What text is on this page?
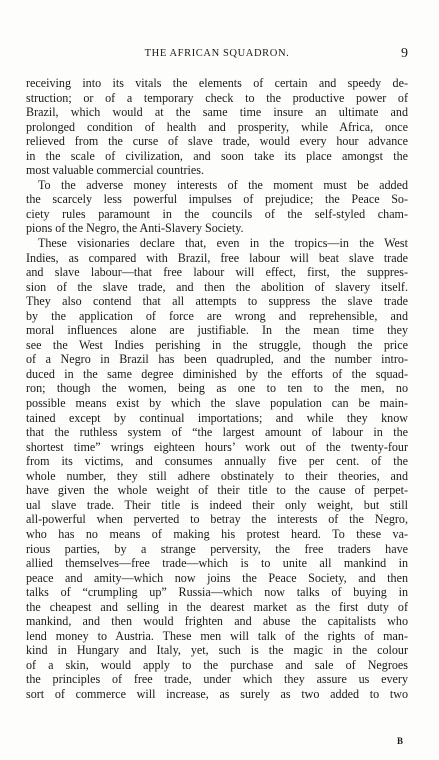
THE AFRICAN SQUADRON.	9
receiving into its vitals the elements of certain and speedy de-
struction; or of a temporary check to the productive power of
Brazil, which would at the same time insure an ultimate and
prolonged condition of health and prosperity, while Africa, once
relieved from the curse of slave trade, would every hour advance
in the scale of civilization, and soon take its place amongst the
most valuable commercial countries.
To the adverse money interests of the moment must be added
the scarcely less powerful impulses of prejudice; the Peace So-
ciety rules paramount in the councils of the self-styled cham-
pions of the Negro, the Anti-Slavery Society.
These visionaries declare that, even in the tropics—in the West
Indies, as compared with Brazil, free labour will beat slave trade
and slave labour—that free labour will effect, first, the suppres-
sion of the slave trade, and then the abolition of slavery itself.
They also contend that all attempts to suppress the slave trade
by the application of force are wrong and reprehensible, and
moral influences alone are justifiable. In the mean time they
see the West Indies perishing in the struggle, though the price
of a Negro in Brazil has been quadrupled, and the number intro-
duced in the same degree diminished by the efforts of the squad-
ron; though the women, being as one to ten to the men, no
possible means exist by which the slave population can be main-
tained except by continual importations; and while they know
that the ruthless system of “the largest amount of labour in the
shortest time” wrings eighteen hours’ work out of the twenty-four
from its victims, and consumes annually five per cent. of the
whole number, they still adhere obstinately to their theories, and
have given the whole weight of their title to the cause of perpet-
ual slave trade. Their title is indeed their only weight, but still
all-powerful when perverted to betray the interests of the Negro,
who has no means of making his protest heard. To these va-
rious parties, by a strange perversity, the free traders have
allied themselves—free trade—which is to unite all mankind in
peace and amity—which now joins the Peace Society, and then
talks of “crumpling up” Russia—which now talks of buying in
the cheapest and selling in the dearest market as the first duty of
mankind, and then would frighten and abuse the capitalists who
lend money to Austria. These men will talk of the rights of man-
kind in Hungary and Italy, yet, such is the magic in the colour
of a skin, would apply to the purchase and sale of Negroes
the principles of free trade, under which they assure us every
sort of commerce will increase, as surely as two added to two
B
